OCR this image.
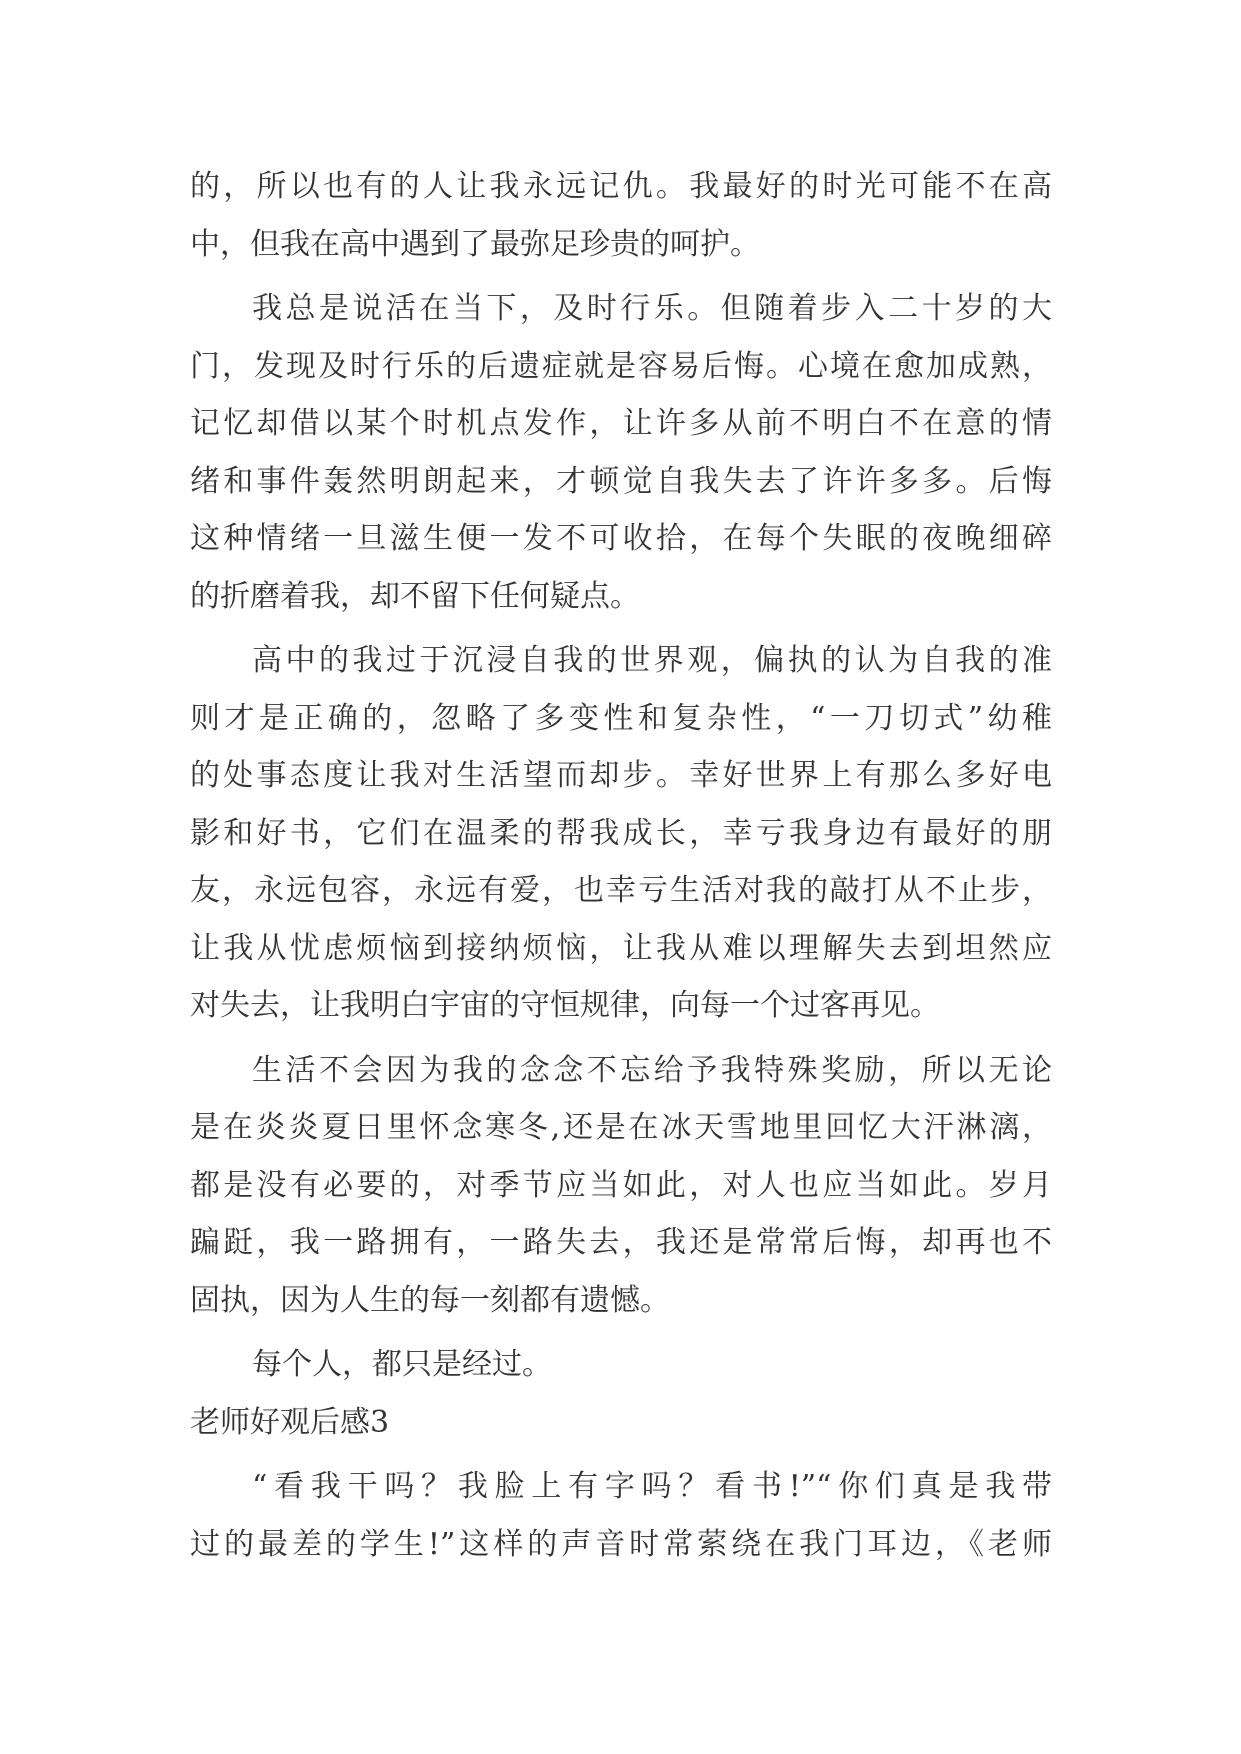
的，所以也有的人让我永远记仇。我最好的时光可能不在高
中，但我在高中遇到了最弥足珍贵的呵护。
我总是说活在当下，及时行乐。但随着步入二十岁的大
门，发现及时行乐的后遗症就是容易后悔。心境在愈加成熟，
记忆却借以某个时机点发作，让许多从前不明白不在意的情
绪和事件轰然明朗起来，才顿觉自我失去了许许多多。后悔
这种情绪一旦滋生便一发不可收拾，在每个失眠的夜晚细碎
的折磨着我，却不留下任何疑点。
高中的我过于沉浸自我的世界观，偏执的认为自我的准
则才是正确的，忽略了多变性和复杂性，“一刀切式”幼稚
的处事态度让我对生活望而却步。幸好世界上有那么多好电
影和好书，它们在温柔的帮我成长，幸亏我身边有最好的朋
友，永远包容，永远有爱，也幸亏生活对我的敲打从不止步，
让我从忧虑烦恼到接纳烦恼，让我从难以理解失去到坦然应
对失去，让我明白宇宙的守恒规律，向每一个过客再见。
生活不会因为我的念念不忘给予我特殊奖励，所以无论
是在炎炎夏日里怀念寒冬,还是在冰天雪地里回忆大汗淋漓，
都是没有必要的，对季节应当如此，对人也应当如此。岁月
蹁跹，我一路拥有，一路失去，我还是常常后悔，却再也不
固执，因为人生的每一刻都有遗憾。
每个人，都只是经过。
老师好观后感3
“看我干吗？我脸上有字吗？看书!”“你们真是我带
过的最差的学生!”这样的声音时常萦绕在我门耳边，《老师
